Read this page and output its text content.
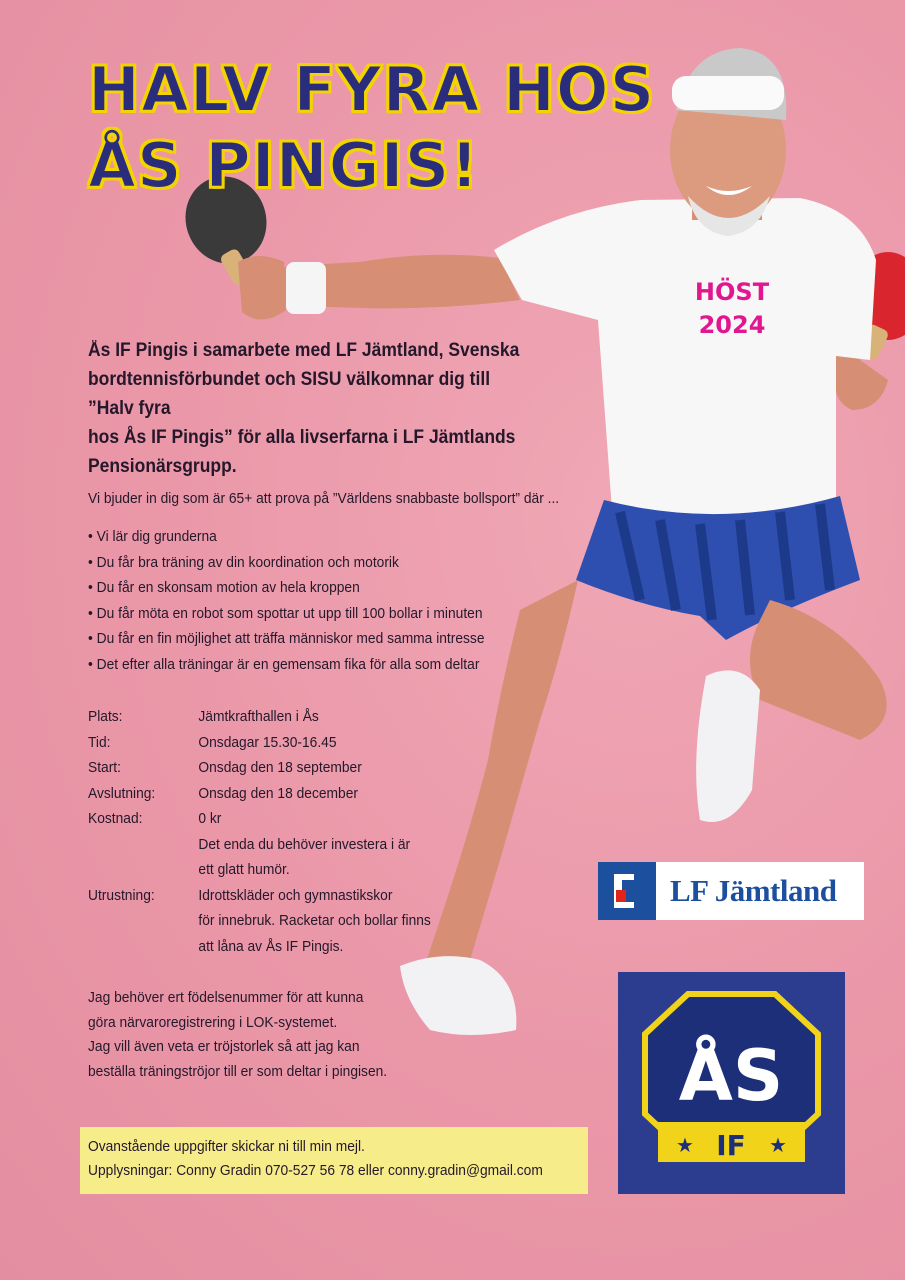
HALV FYRA HOS
ÅS PINGIS!
HÖST
2024
Ås IF Pingis i samarbete med LF Jämtland, Svenska
bordtennisförbundet och SISU välkomnar dig till ”Halv fyra
hos Ås IF Pingis” för alla livserfarna i LF Jämtlands
Pensionärsgrupp.
Vi bjuder in dig som är 65+ att prova på ”Världens snabbaste bollsport” där ...
• Vi lär dig grunderna
• Du får bra träning av din koordination och motorik
• Du får en skonsam motion av hela kroppen
• Du får möta en robot som spottar ut upp till 100 bollar i minuten
• Du får en fin möjlighet att träffa människor med samma intresse
• Det efter alla träningar är en gemensam fika för alla som deltar
Plats:	Jämtkrafthallen i Ås
Tid:	Onsdagar 15.30-16.45
Start:	Onsdag den 18 september
Avslutning:	Onsdag den 18 december
Kostnad:	0 kr
Det enda du behöver investera i är
ett glatt humör.
Utrustning:	Idrottskläder och gymnastikskor
för innebruk. Racketar och bollar finns
att låna av Ås IF Pingis.
Jag behöver ert födelsenummer för att kunna
göra närvaroregistrering i LOK-systemet.
Jag vill även veta er tröjstorlek så att jag kan
beställa träningströjor till er som deltar i pingisen.
Ovanstående uppgifter skickar ni till min mejl.
Upplysningar: Conny Gradin 070-527 56 78 eller conny.gradin@gmail.com
LF Jämtland
ÅS
★	★
IF
